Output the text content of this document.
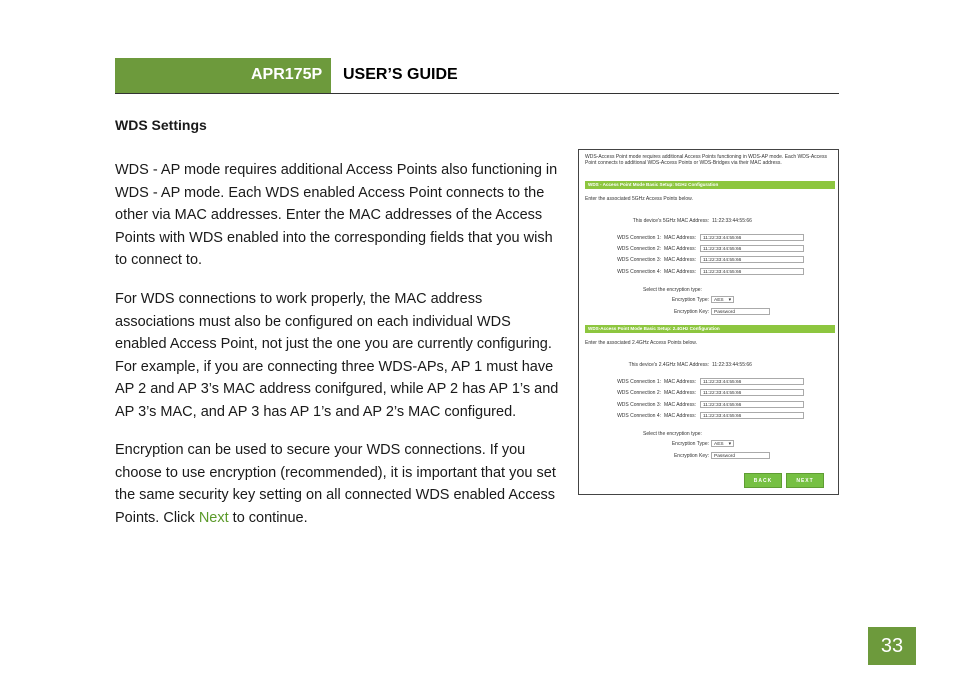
APR175P USER’S GUIDE
WDS Settings

WDS - AP mode requires additional Access Points also functioning in WDS - AP mode. Each WDS enabled Access Point connects to the other via MAC addresses. Enter the MAC addresses of the Access Points with WDS enabled into the corresponding fields that you wish to connect to.

For WDS connections to work properly, the MAC address associations must also be configured on each individual WDS enabled Access Point, not just the one you are currently configuring. For example, if you are connecting three WDS-APs, AP 1 must have AP 2 and AP 3’s MAC address conifgured, while AP 2 has AP 1’s and AP 3’s MAC, and AP 3 has AP 1’s and AP 2’s MAC configured.

Encryption can be used to secure your WDS connections. If you choose to use encryption (recommended), it is important that you set the same security key setting on all connected WDS enabled Access Points. Click Next to continue.

WDS-Access Point mode requires additional Access Points functioning in WDS-AP mode. Each WDS-Access Point connects to additional WDS-Access Points or WDS-Bridges via their MAC address.
WDS - Access Point Mode Basic Setup: 5GHz Configuration
Enter the associated 5GHz Access Points below.
This device's 5GHz MAC Address: 11:22:33:44:55:66
WDS Connection 1: MAC Address:	11:22:33:44:55:66
WDS Connection 2: MAC Address:	11:22:33:44:55:66
WDS Connection 3: MAC Address:	11:22:33:44:55:66
WDS Connection 4: MAC Address:	11:22:33:44:55:66
Select the encryption type:
Encryption Type:	AES ▾
Encryption Key:	Password
WDS-Access Point Mode Basic Setup: 2.4GHz Configuration
Enter the associated 2.4GHz Access Points below.
This device's 2.4GHz MAC Address: 11:22:33:44:55:66
WDS Connection 1: MAC Address:	11:22:33:44:55:66
WDS Connection 2: MAC Address:	11:22:33:44:55:66
WDS Connection 3: MAC Address:	11:22:33:44:55:66
WDS Connection 4: MAC Address:	11:22:33:44:55:66
Select the encryption type:
Encryption Type:	AES ▾
Encryption Key:	Password
BACK	NEXT
33
